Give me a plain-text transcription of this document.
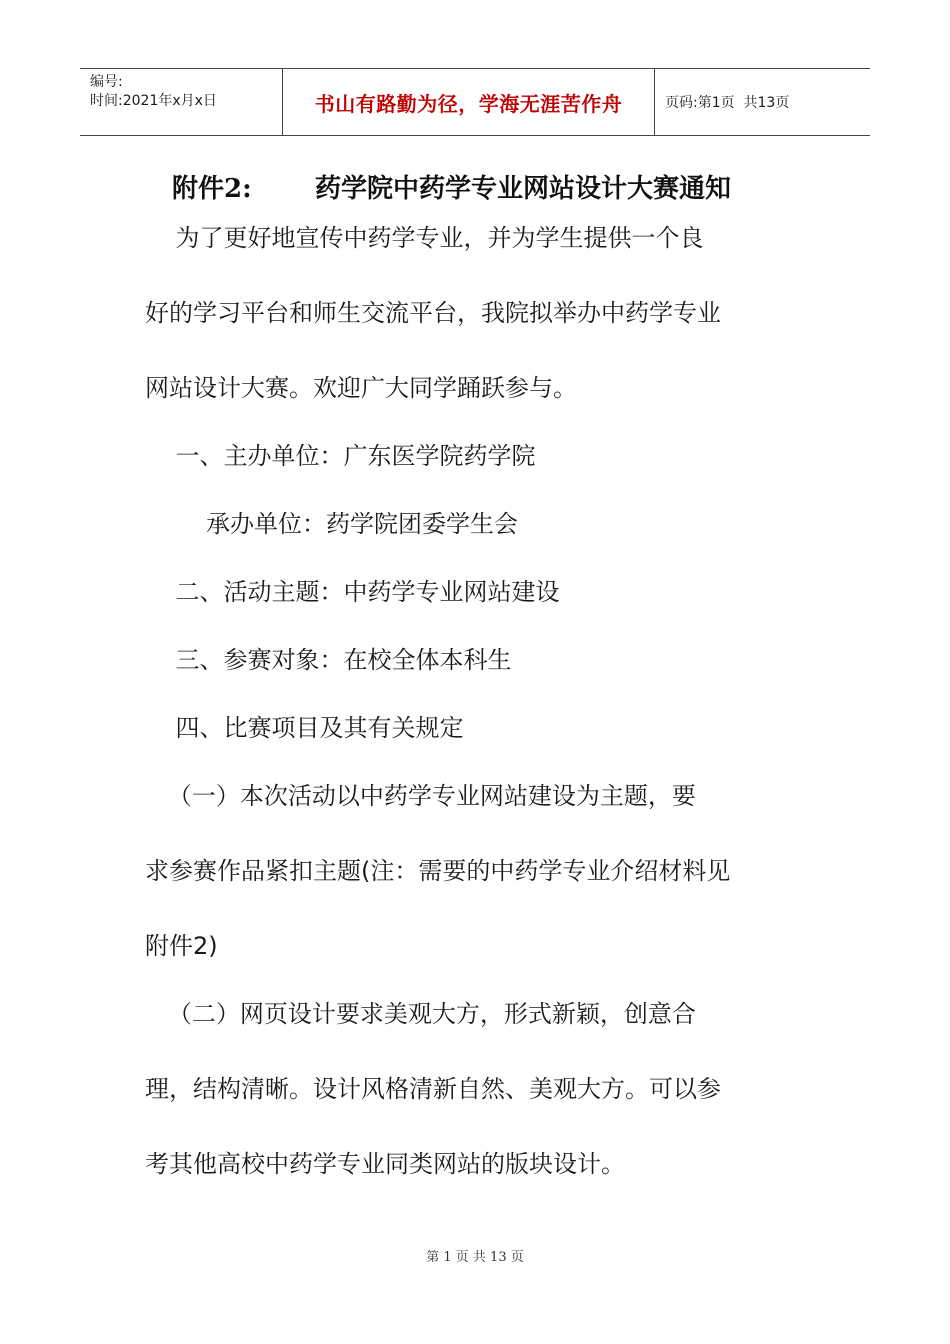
编号:
时间:2021年x月x日	书山有路勤为径，学海无涯苦作舟	页码:第1页  共13页
附件2:       药学院中药学专业网站设计大赛通知
为了更好地宣传中药学专业，并为学生提供一个良
好的学习平台和师生交流平台，我院拟举办中药学专业
网站设计大赛。欢迎广大同学踊跃参与。
一、主办单位：广东医学院药学院
承办单位：药学院团委学生会
二、活动主题：中药学专业网站建设
三、参赛对象：在校全体本科生
四、比赛项目及其有关规定
（一）本次活动以中药学专业网站建设为主题，要
求参赛作品紧扣主题(注：需要的中药学专业介绍材料见
附件2)
（二）网页设计要求美观大方，形式新颖，创意合
理，结构清晰。设计风格清新自然、美观大方。可以参
考其他高校中药学专业同类网站的版块设计。
第 1 页 共 13 页
